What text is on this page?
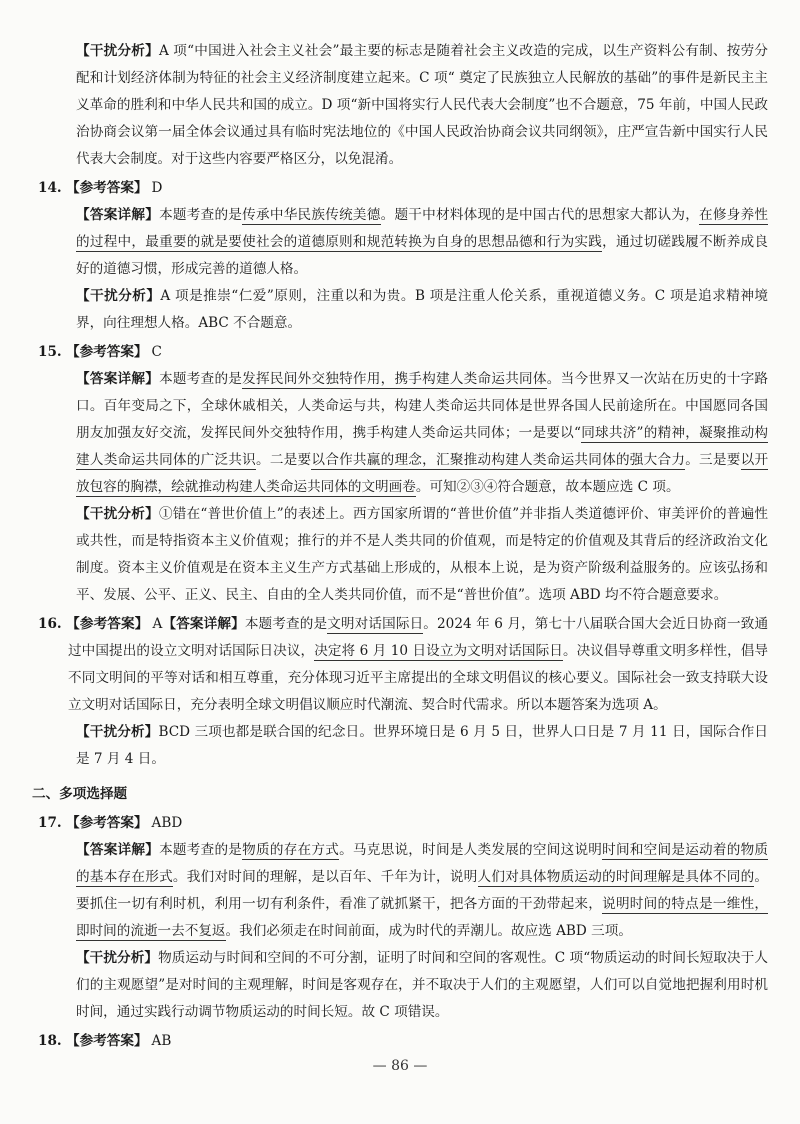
【干扰分析】A 项“中国进入社会主义社会”最主要的标志是随着社会主义改造的完成，以生产资料公有制、按劳分配和计划经济体制为特征的社会主义经济制度建立起来。C 项“ 奠定了民族独立人民解放的基础”的事件是新民主主义革命的胜利和中华人民共和国的成立。D 项“新中国将实行人民代表大会制度”也不合题意，75 年前，中国人民政治协商会议第一届全体会议通过具有临时宪法地位的《中国人民政治协商会议共同纲领》，庄严宣告新中国实行人民代表大会制度。对于这些内容要严格区分，以免混淆。
14. 【参考答案】 D
【答案详解】本题考查的是传承中华民族传统美德。题干中材料体现的是中国古代的思想家大都认为，在修身养性的过程中，最重要的就是要使社会的道德原则和规范转换为自身的思想品德和行为实践，通过切磋践履不断养成良好的道德习惯，形成完善的道德人格。
【干扰分析】A 项是推崇“仁爱”原则，注重以和为贵。B 项是注重人伦关系，重视道德义务。C 项是追求精神境界，向往理想人格。ABC 不合题意。
15. 【参考答案】 C
【答案详解】本题考查的是发挥民间外交独特作用，携手构建人类命运共同体。当今世界又一次站在历史的十字路口。百年变局之下，全球休戚相关，人类命运与共，构建人类命运共同体是世界各国人民前途所在。中国愿同各国朋友加强友好交流，发挥民间外交独特作用，携手构建人类命运共同体；一是要以“同球共济”的精神，凝聚推动构建人类命运共同体的广泛共识。二是要以合作共赢的理念，汇聚推动构建人类命运共同体的强大合力。三是要以开放包容的胸襟，绘就推动构建人类命运共同体的文明画卷。可知②③④符合题意，故本题应选 C 项。
【干扰分析】①错在“普世价值上”的表述上。西方国家所谓的“普世价值”并非指人类道德评价、审美评价的普遍性或共性，而是特指资本主义价值观；推行的并不是人类共同的价值观，而是特定的价值观及其背后的经济政治文化制度。资本主义价值观是在资本主义生产方式基础上形成的，从根本上说，是为资产阶级利益服务的。应该弘扬和平、发展、公平、正义、民主、自由的全人类共同价值，而不是“普世价值”。选项 ABD 均不符合题意要求。
16. 【参考答案】 A【答案详解】本题考查的是文明对话国际日。2024 年 6 月，第七十八届联合国大会近日协商一致通过中国提出的设立文明对话国际日决议，决定将 6 月 10 日设立为文明对话国际日。决议倡导尊重文明多样性，倡导不同文明间的平等对话和相互尊重，充分体现习近平主席提出的全球文明倡议的核心要义。国际社会一致支持联大设立文明对话国际日，充分表明全球文明倡议顺应时代潮流、契合时代需求。所以本题答案为选项 A。
【干扰分析】BCD 三项也都是联合国的纪念日。世界环境日是 6 月 5 日，世界人口日是 7 月 11 日，国际合作日是 7 月 4 日。
二、多项选择题
17. 【参考答案】 ABD
【答案详解】本题考查的是物质的存在方式。马克思说，时间是人类发展的空间这说明时间和空间是运动着的物质的基本存在形式。我们对时间的理解，是以百年、千年为计，说明人们对具体物质运动的时间理解是具体不同的。要抓住一切有利时机，利用一切有利条件，看准了就抓紧干，把各方面的干劲带起来，说明时间的特点是一维性，即时间的流逝一去不复返。我们必须走在时间前面，成为时代的弄潮儿。故应选 ABD 三项。
【干扰分析】物质运动与时间和空间的不可分割，证明了时间和空间的客观性。C 项“物质运动的时间长短取决于人们的主观愿望”是对时间的主观理解，时间是客观存在，并不取决于人们的主观愿望，人们可以自觉地把握利用时机时间，通过实践行动调节物质运动的时间长短。故 C 项错误。
18. 【参考答案】 AB
— 86 —
